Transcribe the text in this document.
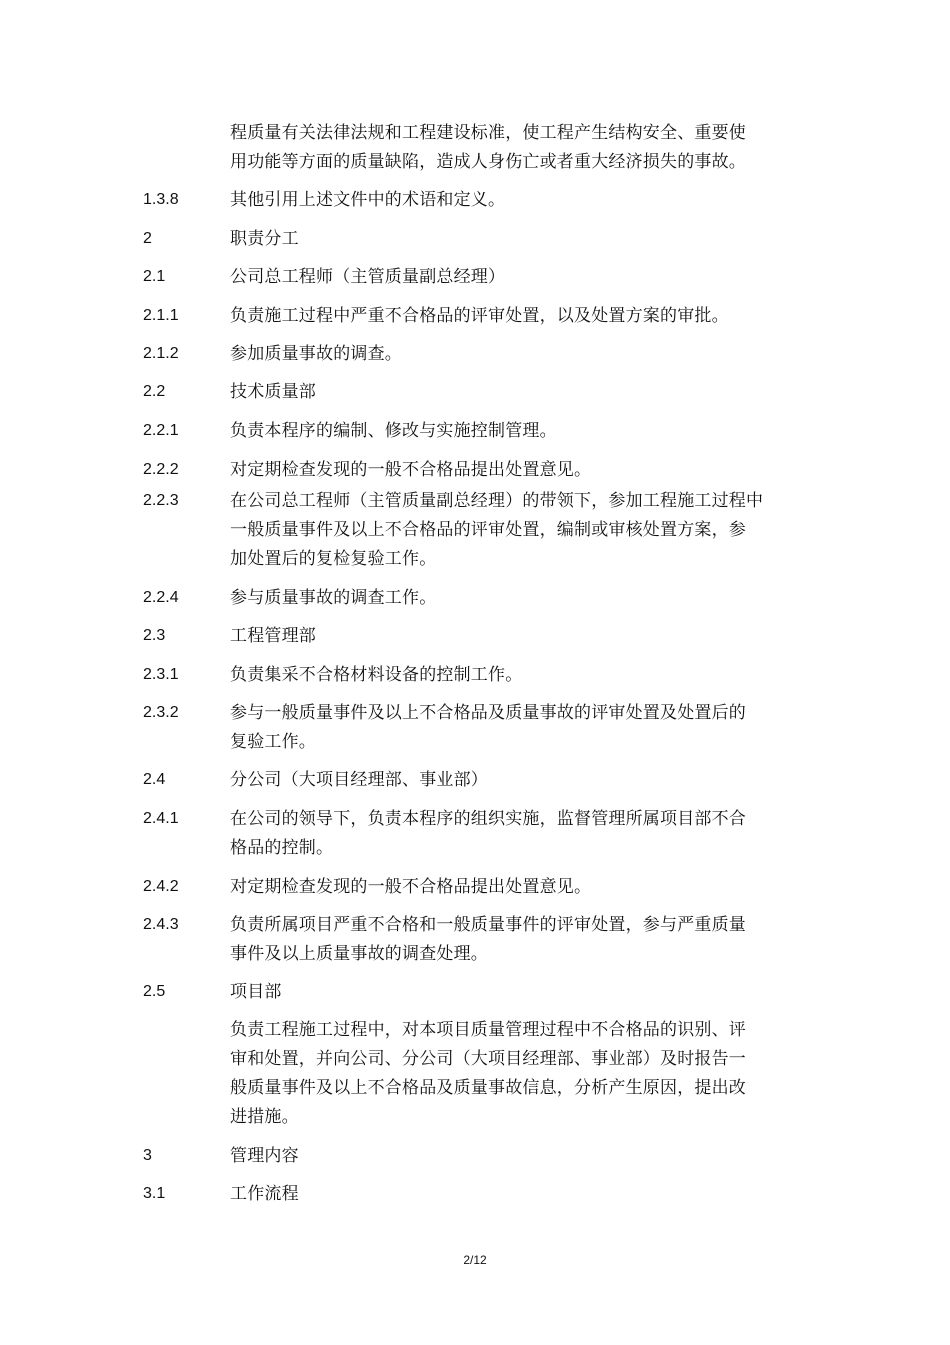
程质量有关法律法规和工程建设标准，使工程产生结构安全、重要使
用功能等方面的质量缺陷，造成人身伤亡或者重大经济损失的事故。
1.3.8	其他引用上述文件中的术语和定义。
2	职责分工
2.1	公司总工程师（主管质量副总经理）
2.1.1	负责施工过程中严重不合格品的评审处置，以及处置方案的审批。
2.1.2	参加质量事故的调查。
2.2	技术质量部
2.2.1	负责本程序的编制、修改与实施控制管理。
2.2.2	对定期检查发现的一般不合格品提出处置意见。
2.2.3	在公司总工程师（主管质量副总经理）的带领下，参加工程施工过程中
一般质量事件及以上不合格品的评审处置，编制或审核处置方案，参
加处置后的复检复验工作。
2.2.4	参与质量事故的调查工作。
2.3	工程管理部
2.3.1	负责集采不合格材料设备的控制工作。
2.3.2	参与一般质量事件及以上不合格品及质量事故的评审处置及处置后的
复验工作。
2.4	分公司（大项目经理部、事业部）
2.4.1	在公司的领导下，负责本程序的组织实施，监督管理所属项目部不合
格品的控制。
2.4.2	对定期检查发现的一般不合格品提出处置意见。
2.4.3	负责所属项目严重不合格和一般质量事件的评审处置，参与严重质量
事件及以上质量事故的调查处理。
2.5	项目部
负责工程施工过程中，对本项目质量管理过程中不合格品的识别、评
审和处置，并向公司、分公司（大项目经理部、事业部）及时报告一
般质量事件及以上不合格品及质量事故信息，分析产生原因，提出改
进措施。
3	管理内容
3.1	工作流程
2/12
